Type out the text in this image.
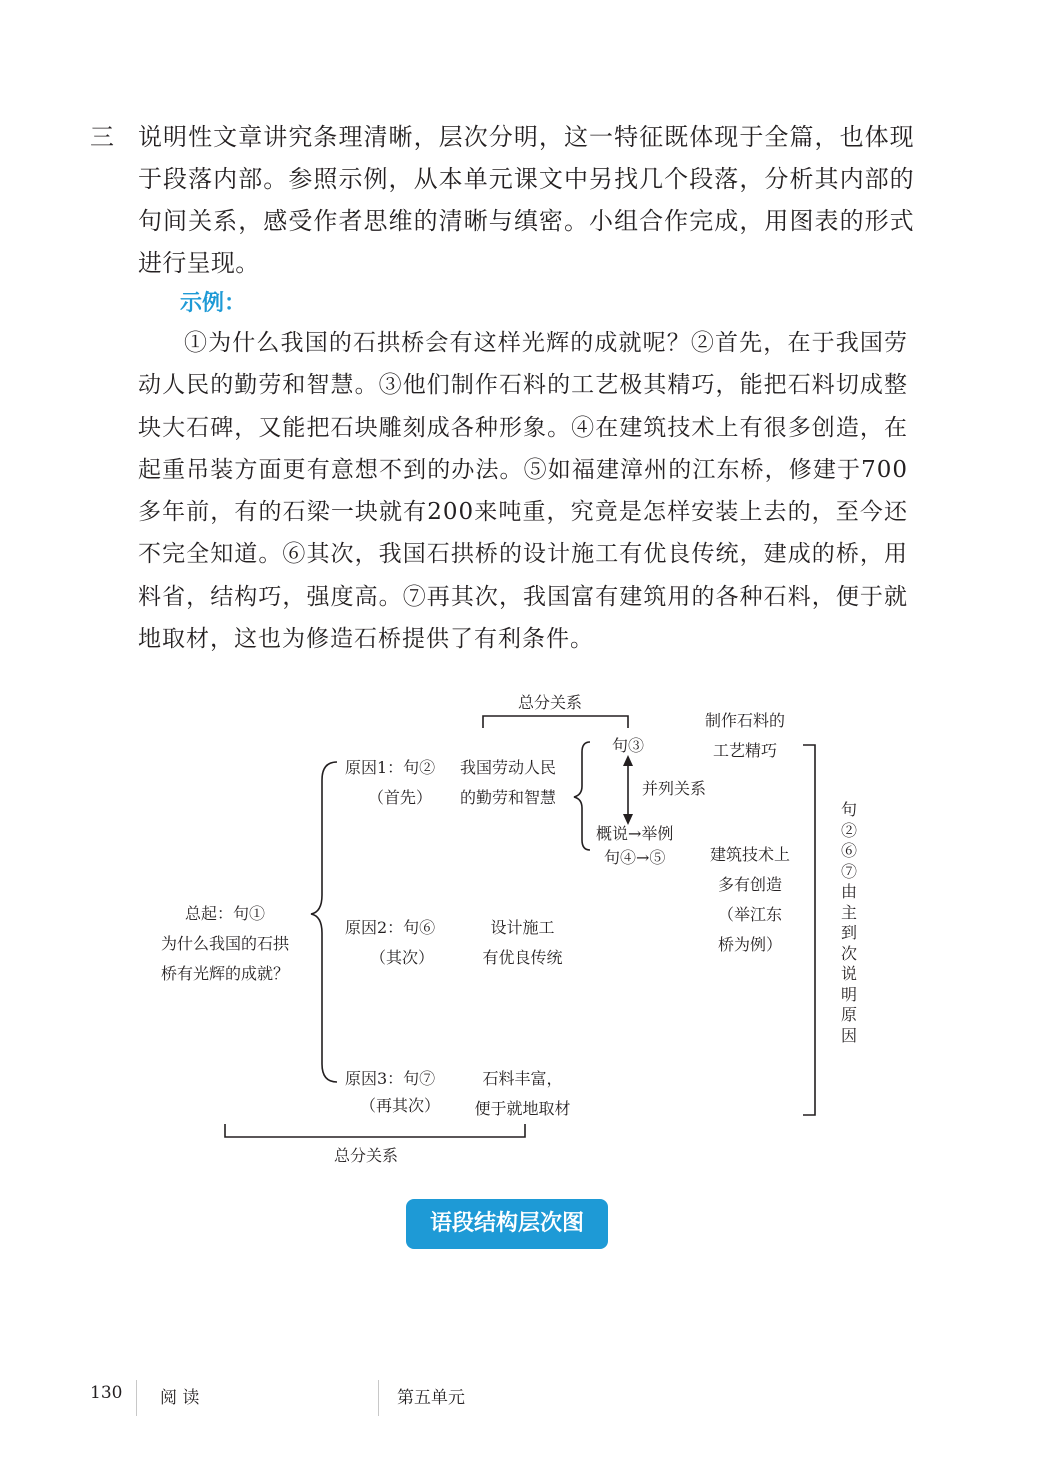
三 说明性文章讲究条理清晰，层次分明，这一特征既体现于全篇，也体现于段落内部。参照示例，从本单元课文中另找几个段落，分析其内部的句间关系，感受作者思维的清晰与缜密。小组合作完成，用图表的形式进行呈现。
示例：
①为什么我国的石拱桥会有这样光辉的成就呢？②首先，在于我国劳动人民的勤劳和智慧。③他们制作石料的工艺极其精巧，能把石料切成整块大石碑，又能把石块雕刻成各种形象。④在建筑技术上有很多创造，在起重吊装方面更有意想不到的办法。⑤如福建漳州的江东桥，修建于700多年前，有的石梁一块就有200来吨重，究竟是怎样安装上去的，至今还不完全知道。⑥其次，我国石拱桥的设计施工有优良传统，建成的桥，用料省，结构巧，强度高。⑦再其次，我国富有建筑用的各种石料，便于就地取材，这也为修造石桥提供了有利条件。
总分关系
句③
制作石料的
工艺精巧
原因1：句②
（首先）
我国劳动人民
的勤劳和智慧	并列关系
概说→举例
句④→⑤	建筑技术上
多有创造
（举江东
桥为例）
总起：句①
为什么我国的石拱
桥有光辉的成就？
原因2：句⑥
（其次）
设计施工
有优良传统
原因3：句⑦
（再其次）
石料丰富，
便于就地取材
总分关系
句②⑥⑦由主到次说明原因
语段结构层次图
130 阅 读	第五单元
